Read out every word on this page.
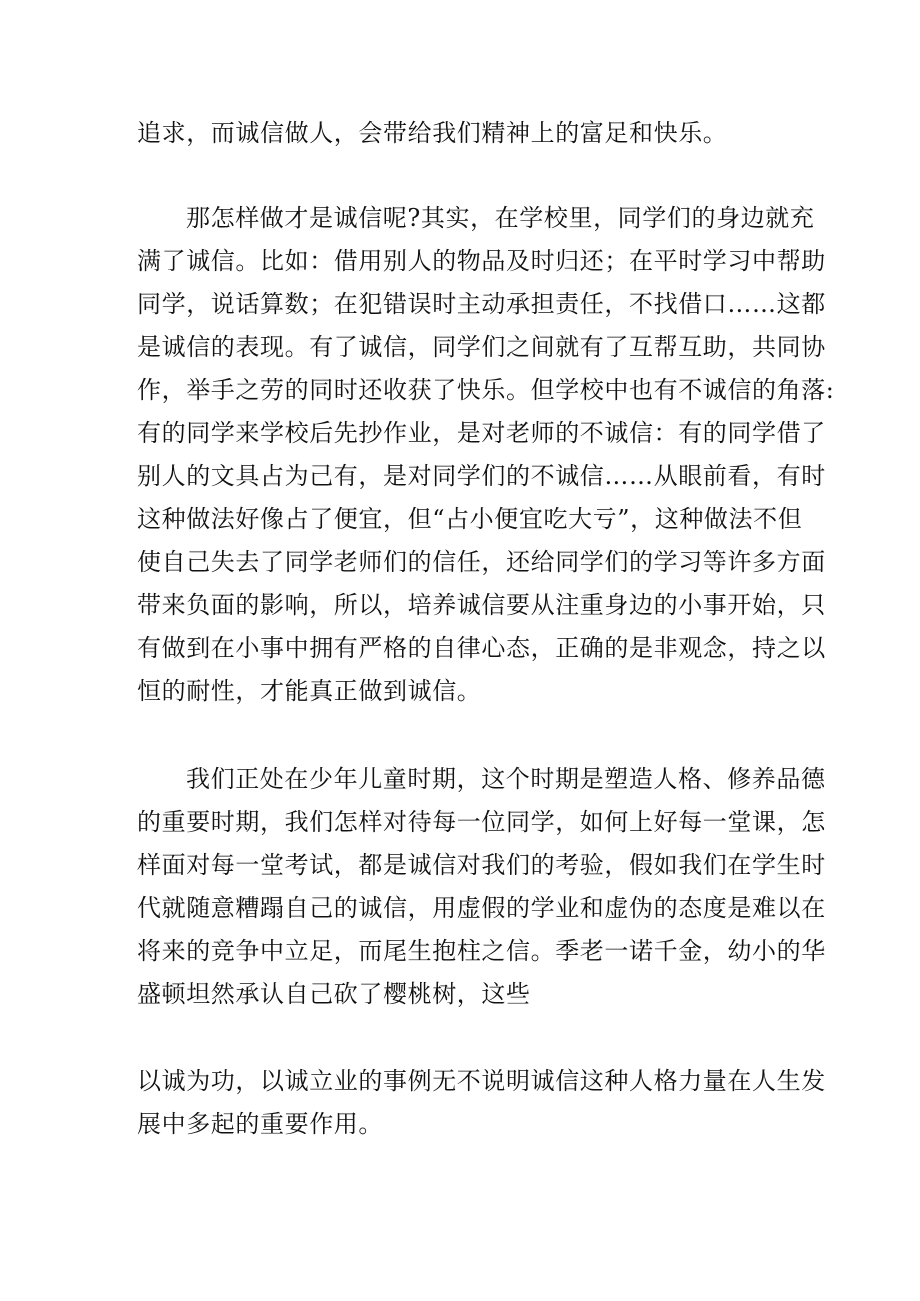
追求，而诚信做人，会带给我们精神上的富足和快乐。
那怎样做才是诚信呢?其实，在学校里，同学们的身边就充
满了诚信。比如：借用别人的物品及时归还；在平时学习中帮助
同学，说话算数；在犯错误时主动承担责任，不找借口……这都
是诚信的表现。有了诚信，同学们之间就有了互帮互助，共同协
作，举手之劳的同时还收获了快乐。但学校中也有不诚信的角落:
有的同学来学校后先抄作业，是对老师的不诚信：有的同学借了
别人的文具占为己有，是对同学们的不诚信……从眼前看，有时
这种做法好像占了便宜，但“占小便宜吃大亏”，这种做法不但
使自己失去了同学老师们的信任，还给同学们的学习等许多方面
带来负面的影响，所以，培养诚信要从注重身边的小事开始，只
有做到在小事中拥有严格的自律心态，正确的是非观念，持之以
恒的耐性，才能真正做到诚信。
我们正处在少年儿童时期，这个时期是塑造人格、修养品德
的重要时期，我们怎样对待每一位同学，如何上好每一堂课，怎
样面对每一堂考试，都是诚信对我们的考验，假如我们在学生时
代就随意糟蹋自己的诚信，用虚假的学业和虚伪的态度是难以在
将来的竞争中立足，而尾生抱柱之信。季老一诺千金，幼小的华
盛顿坦然承认自己砍了樱桃树，这些
以诚为功，以诚立业的事例无不说明诚信这种人格力量在人生发
展中多起的重要作用。
